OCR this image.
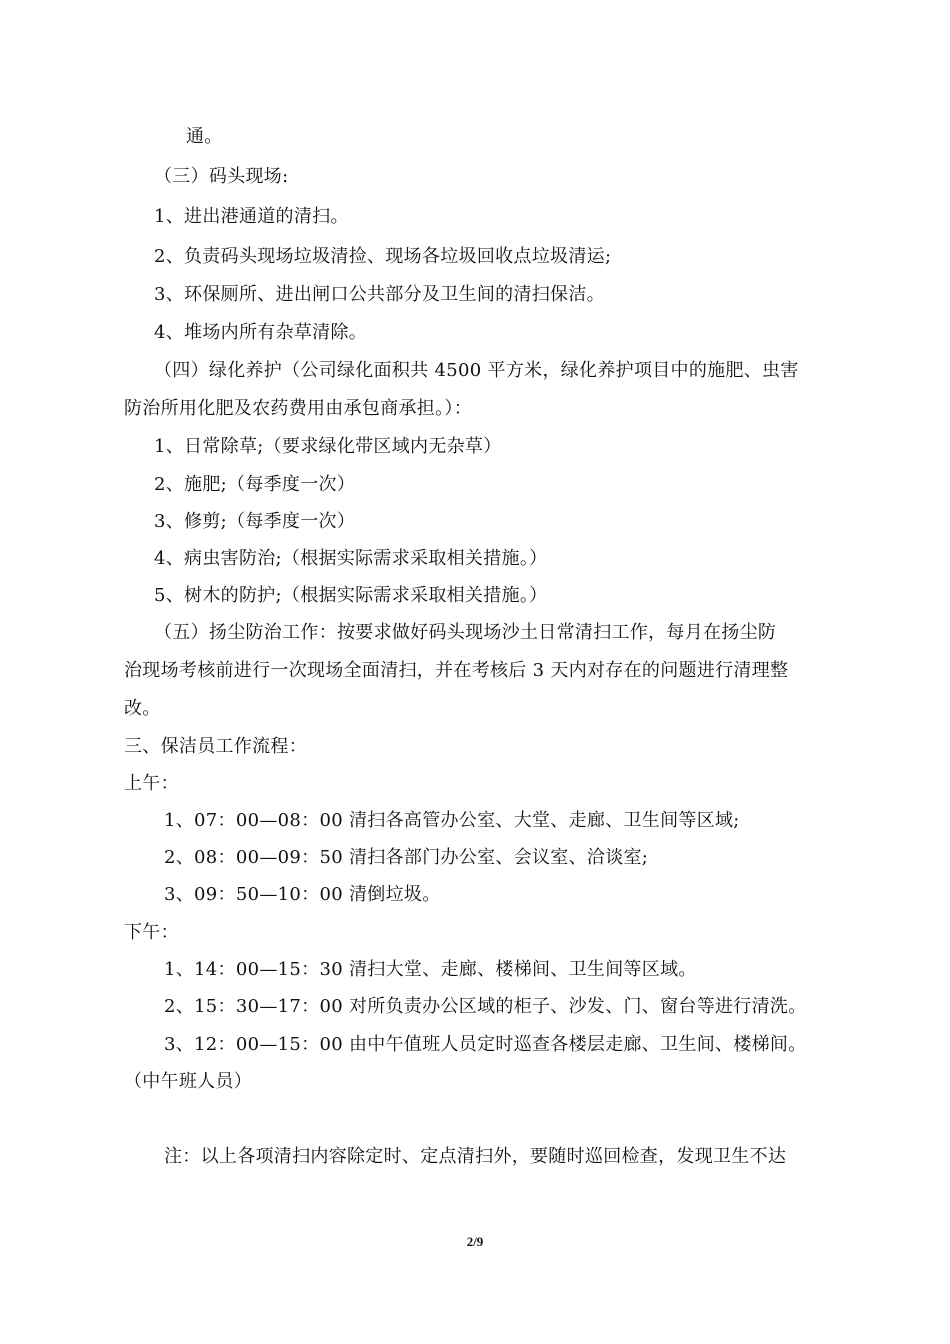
通。
（三）码头现场:
1、进出港通道的清扫。
2、负责码头现场垃圾清捡、现场各垃圾回收点垃圾清运;
3、环保厕所、进出闸口公共部分及卫生间的清扫保洁。
4、堆场内所有杂草清除。
（四）绿化养护（公司绿化面积共 4500 平方米，绿化养护项目中的施肥、虫害
防治所用化肥及农药费用由承包商承担。）：
1、日常除草;（要求绿化带区域内无杂草）
2、施肥;（每季度一次）
3、修剪;（每季度一次）
4、病虫害防治;（根据实际需求采取相关措施。）
5、树木的防护;（根据实际需求采取相关措施。）
（五）扬尘防治工作：按要求做好码头现场沙土日常清扫工作，每月在扬尘防
治现场考核前进行一次现场全面清扫，并在考核后 3 天内对存在的问题进行清理整
改。
三、保洁员工作流程：
上午：
1、07：00—08：00 清扫各高管办公室、大堂、走廊、卫生间等区域;
2、08：00—09：50 清扫各部门办公室、会议室、洽谈室;
3、09：50—10：00 清倒垃圾。
下午：
1、14：00—15：30 清扫大堂、走廊、楼梯间、卫生间等区域。
2、15：30—17：00 对所负责办公区域的柜子、沙发、门、窗台等进行清洗。
3、12：00—15：00 由中午值班人员定时巡查各楼层走廊、卫生间、楼梯间。
（中午班人员）
注：以上各项清扫内容除定时、定点清扫外，要随时巡回检查，发现卫生不达
2/9
